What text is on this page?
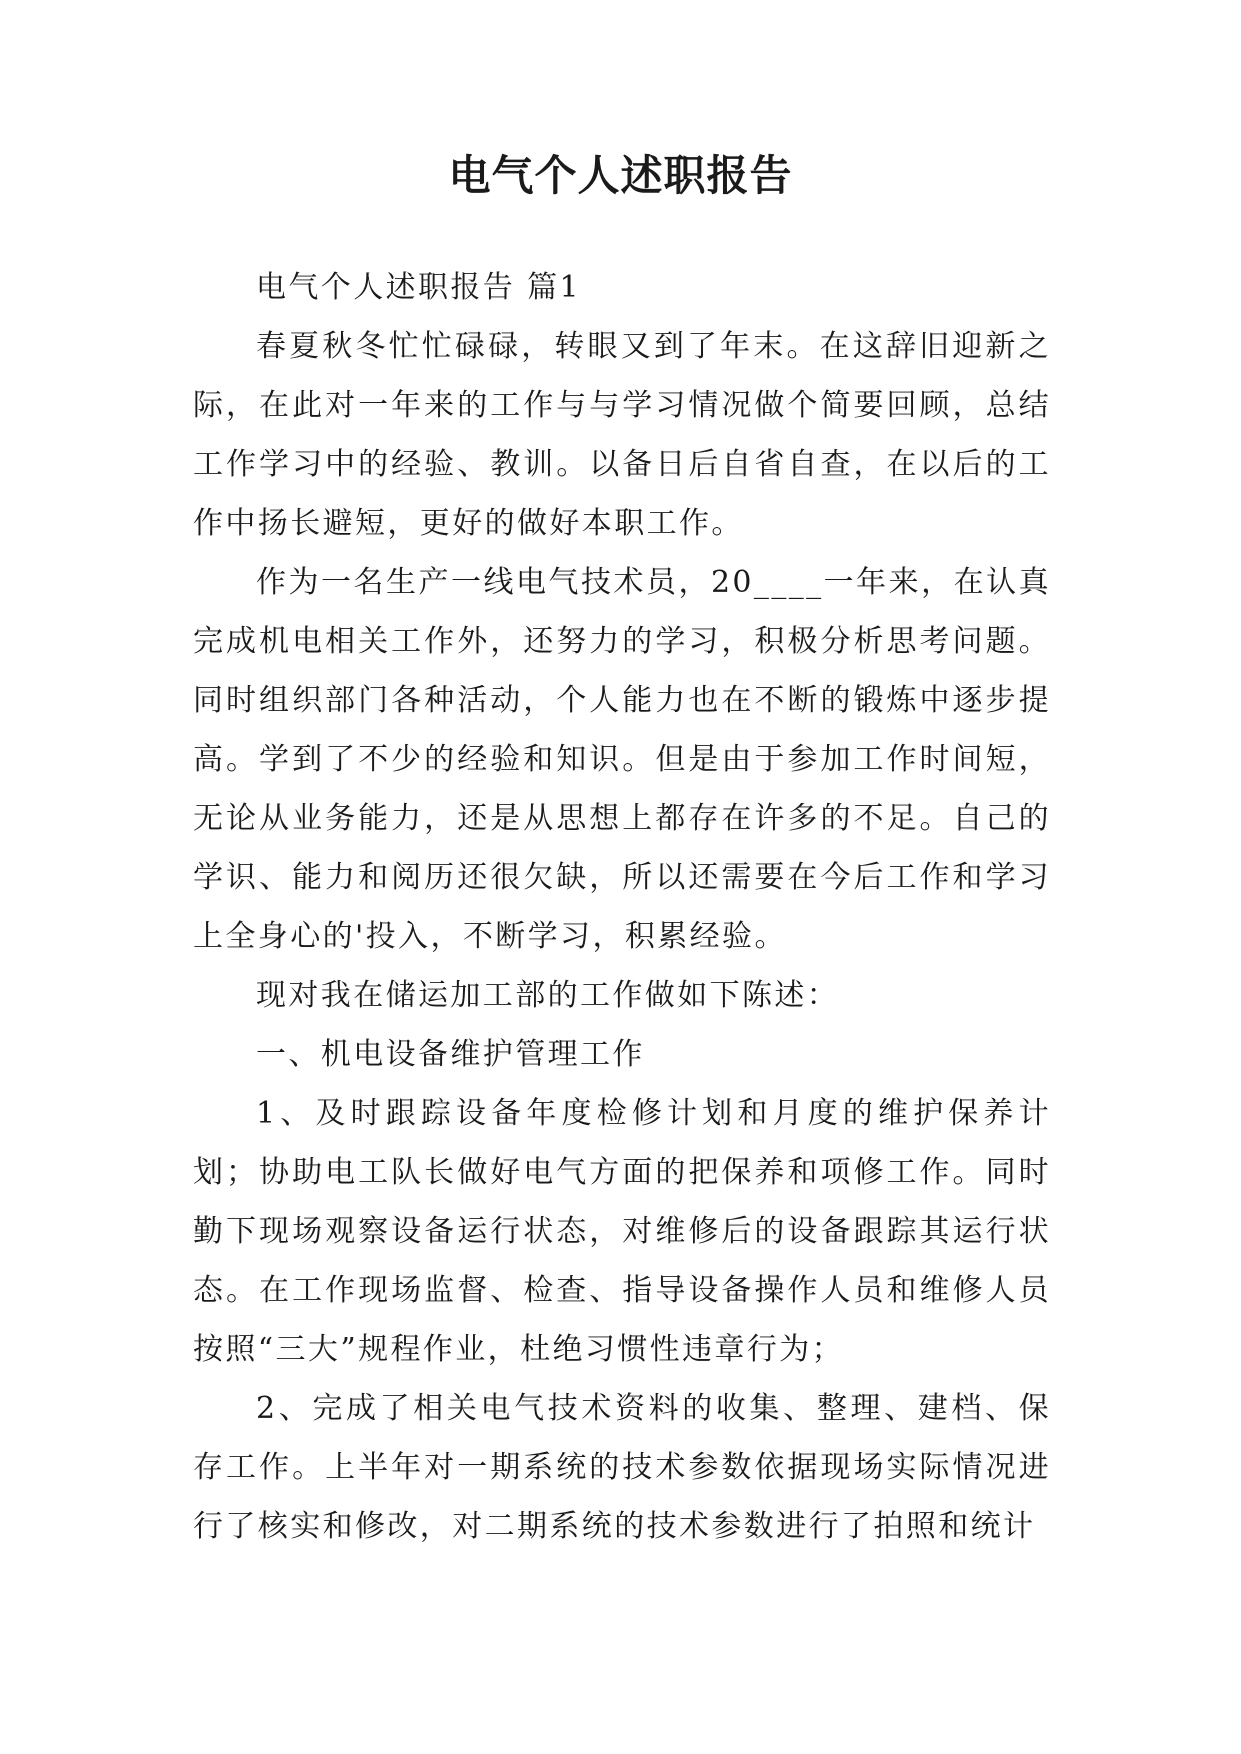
电气个人述职报告

电气个人述职报告 篇1

春夏秋冬忙忙碌碌，转眼又到了年末。在这辞旧迎新之际，在此对一年来的工作与与学习情况做个简要回顾，总结工作学习中的经验、教训。以备日后自省自查，在以后的工作中扬长避短，更好的做好本职工作。

作为一名生产一线电气技术员，20____一年来，在认真完成机电相关工作外，还努力的学习，积极分析思考问题。同时组织部门各种活动，个人能力也在不断的锻炼中逐步提高。学到了不少的经验和知识。但是由于参加工作时间短，无论从业务能力，还是从思想上都存在许多的不足。自己的学识、能力和阅历还很欠缺，所以还需要在今后工作和学习上全身心的'投入，不断学习，积累经验。

现对我在储运加工部的工作做如下陈述：

一、机电设备维护管理工作

1、及时跟踪设备年度检修计划和月度的维护保养计划；协助电工队长做好电气方面的把保养和项修工作。同时勤下现场观察设备运行状态，对维修后的设备跟踪其运行状态。在工作现场监督、检查、指导设备操作人员和维修人员按照“三大”规程作业，杜绝习惯性违章行为；

2、完成了相关电气技术资料的收集、整理、建档、保存工作。上半年对一期系统的技术参数依据现场实际情况进行了核实和修改，对二期系统的技术参数进行了拍照和统计
